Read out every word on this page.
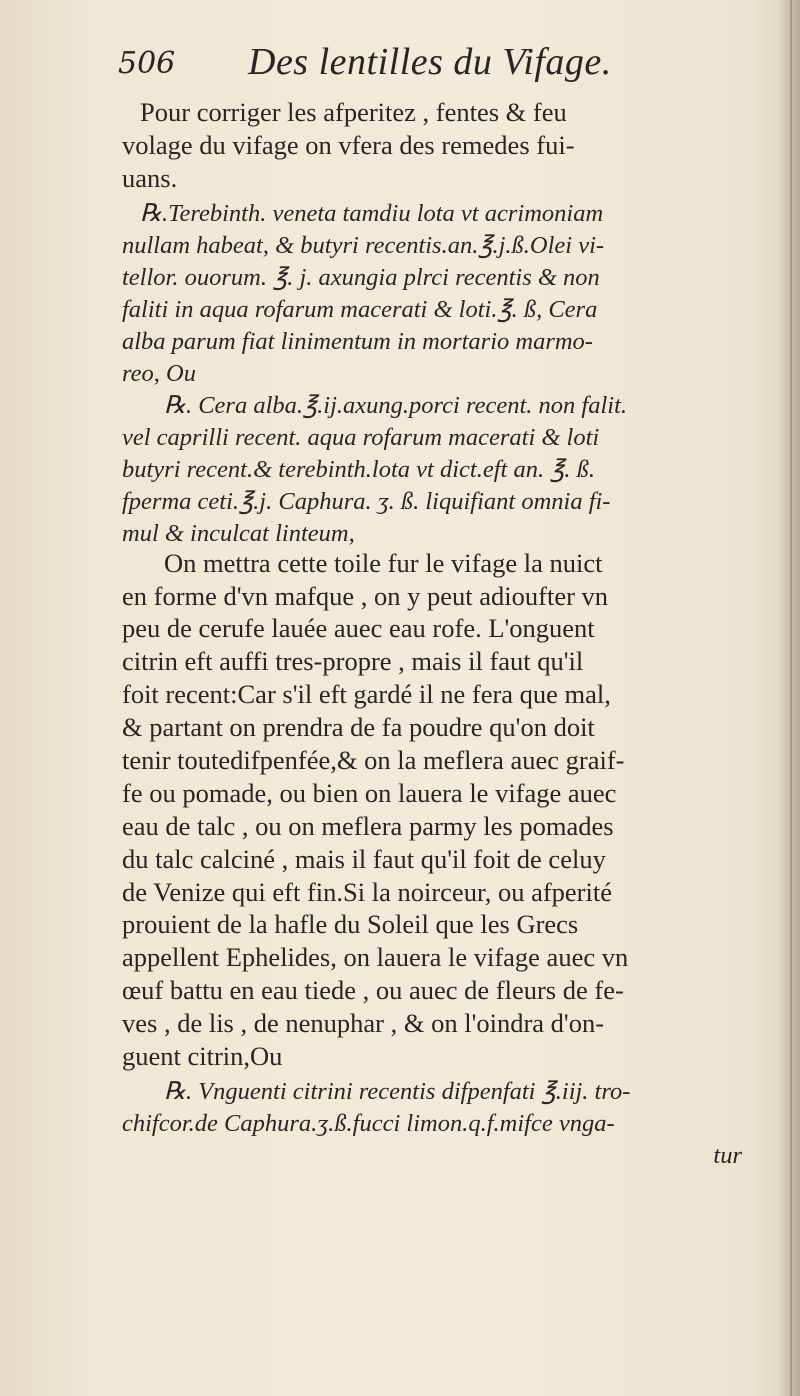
506 Des lentilles du Vifage.
Pour corriger les afperitez , fentes & feu
volage du vifage on vfera des remedes fui-
uans.
℞.Terebinth. veneta tamdiu lota vt acrimoniam
nullam habeat, & butyri recentis.an.℥.j.ß.Olei vi-
tellor. ouorum. ℥. j. axungia plrci recentis & non
faliti in aqua rofarum macerati & loti.℥. ß, Cera
alba parum fiat linimentum in mortario marmo-
reo, Ou
℞. Cera alba.℥.ij.axung.porci recent. non falit.
vel caprilli recent. aqua rofarum macerati & loti
butyri recent.& terebinth.lota vt dict.eft an. ℥. ß.
fperma ceti.℥.j. Caphura. ʒ. ß. liquifiant omnia fi-
mul & inculcat linteum,
On mettra cette toile fur le vifage la nuict
en forme d'vn mafque , on y peut adioufter vn
peu de cerufe lauée auec eau rofe. L'onguent
citrin eft auffi tres-propre , mais il faut qu'il
foit recent:Car s'il eft gardé il ne fera que mal,
& partant on prendra de fa poudre qu'on doit
tenir toutedifpenfée,& on la meflera auec graif-
fe ou pomade, ou bien on lauera le vifage auec
eau de talc , ou on meflera parmy les pomades
du talc calciné , mais il faut qu'il foit de celuy
de Venize qui eft fin.Si la noirceur, ou afperité
prouient de la hafle du Soleil que les Grecs
appellent Ephelides, on lauera le vifage auec vn
œuf battu en eau tiede , ou auec de fleurs de fe-
ves , de lis , de nenuphar , & on l'oindra d'on-
guent citrin,Ou
℞. Vnguenti citrini recentis difpenfati ℥.iij. tro-
chifcor.de Caphura.ʒ.ß.fucci limon.q.f.mifce vnga-
tur
